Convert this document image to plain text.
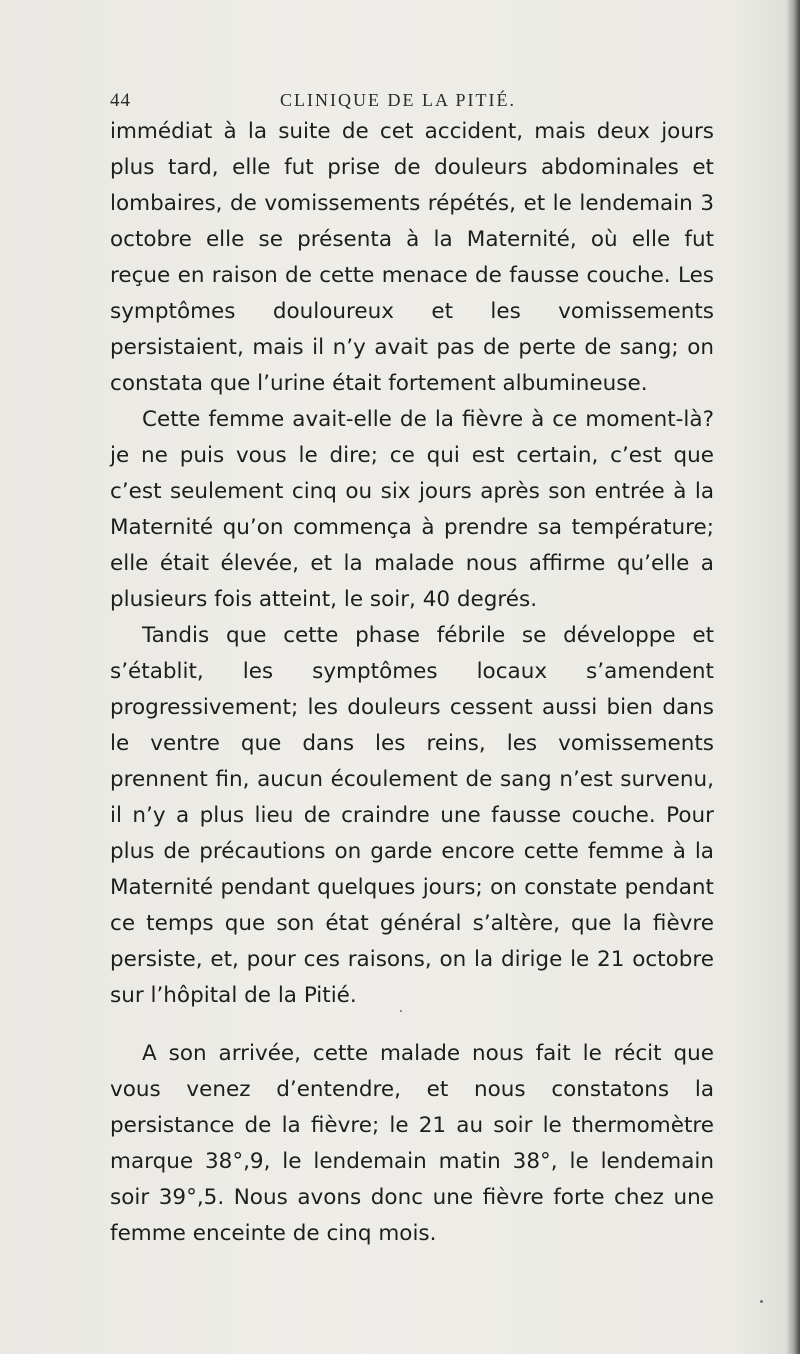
44	CLINIQUE DE LA PITIÉ.

immédiat à la suite de cet accident, mais deux jours plus tard, elle fut prise de douleurs abdominales et lombaires, de vomissements répétés, et le lendemain 3 octobre elle se présenta à la Maternité, où elle fut reçue en raison de cette menace de fausse couche. Les symptômes douloureux et les vomissements persistaient, mais il n’y avait pas de perte de sang; on constata que l’urine était fortement albumineuse.

Cette femme avait-elle de la fièvre à ce moment-là? je ne puis vous le dire; ce qui est certain, c’est que c’est seulement cinq ou six jours après son entrée à la Maternité qu’on commença à prendre sa température; elle était élevée, et la malade nous affirme qu’elle a plusieurs fois atteint, le soir, 40 degrés.

Tandis que cette phase fébrile se développe et s’établit, les symptômes locaux s’amendent progressivement; les douleurs cessent aussi bien dans le ventre que dans les reins, les vomissements prennent fin, aucun écoulement de sang n’est survenu, il n’y a plus lieu de craindre une fausse couche. Pour plus de précautions on garde encore cette femme à la Maternité pendant quelques jours; on constate pendant ce temps que son état général s’altère, que la fièvre persiste, et, pour ces raisons, on la dirige le 21 octobre sur l’hôpital de la Pitié.

A son arrivée, cette malade nous fait le récit que vous venez d’entendre, et nous constatons la persistance de la fièvre; le 21 au soir le thermomètre marque 38°,9, le lendemain matin 38°, le lendemain soir 39°,5. Nous avons donc une fièvre forte chez une femme enceinte de cinq mois.
